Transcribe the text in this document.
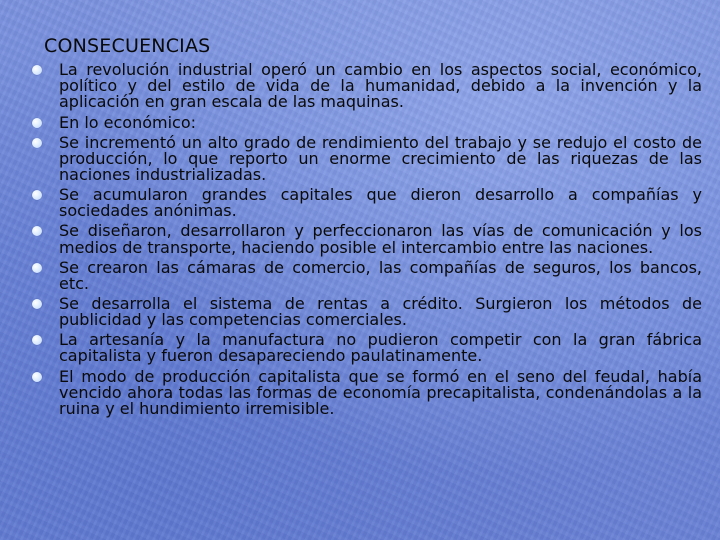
CONSECUENCIAS
La revolución industrial operó un cambio en los aspectos social, económico, político y del estilo de vida de la humanidad, debido a la invención y la aplicación en gran escala de las maquinas.
En lo económico:
Se incrementó un alto grado de rendimiento del trabajo y se redujo el costo de producción, lo que reporto un enorme crecimiento de las riquezas de las naciones industrializadas.
Se acumularon grandes capitales que dieron desarrollo a compañías y sociedades anónimas.
Se diseñaron, desarrollaron y perfeccionaron las vías de comunicación y los medios de transporte, haciendo posible el intercambio entre las naciones.
Se crearon las cámaras de comercio, las compañías de seguros, los bancos, etc.
Se desarrolla el sistema de rentas a crédito. Surgieron los métodos de publicidad y las competencias comerciales.
La artesanía y la manufactura no pudieron competir con la gran fábrica capitalista y fueron desapareciendo paulatinamente.
El modo de producción capitalista que se formó en el seno del feudal, había vencido ahora todas las formas de economía precapitalista, condenándolas a la ruina y el hundimiento irremisible.
